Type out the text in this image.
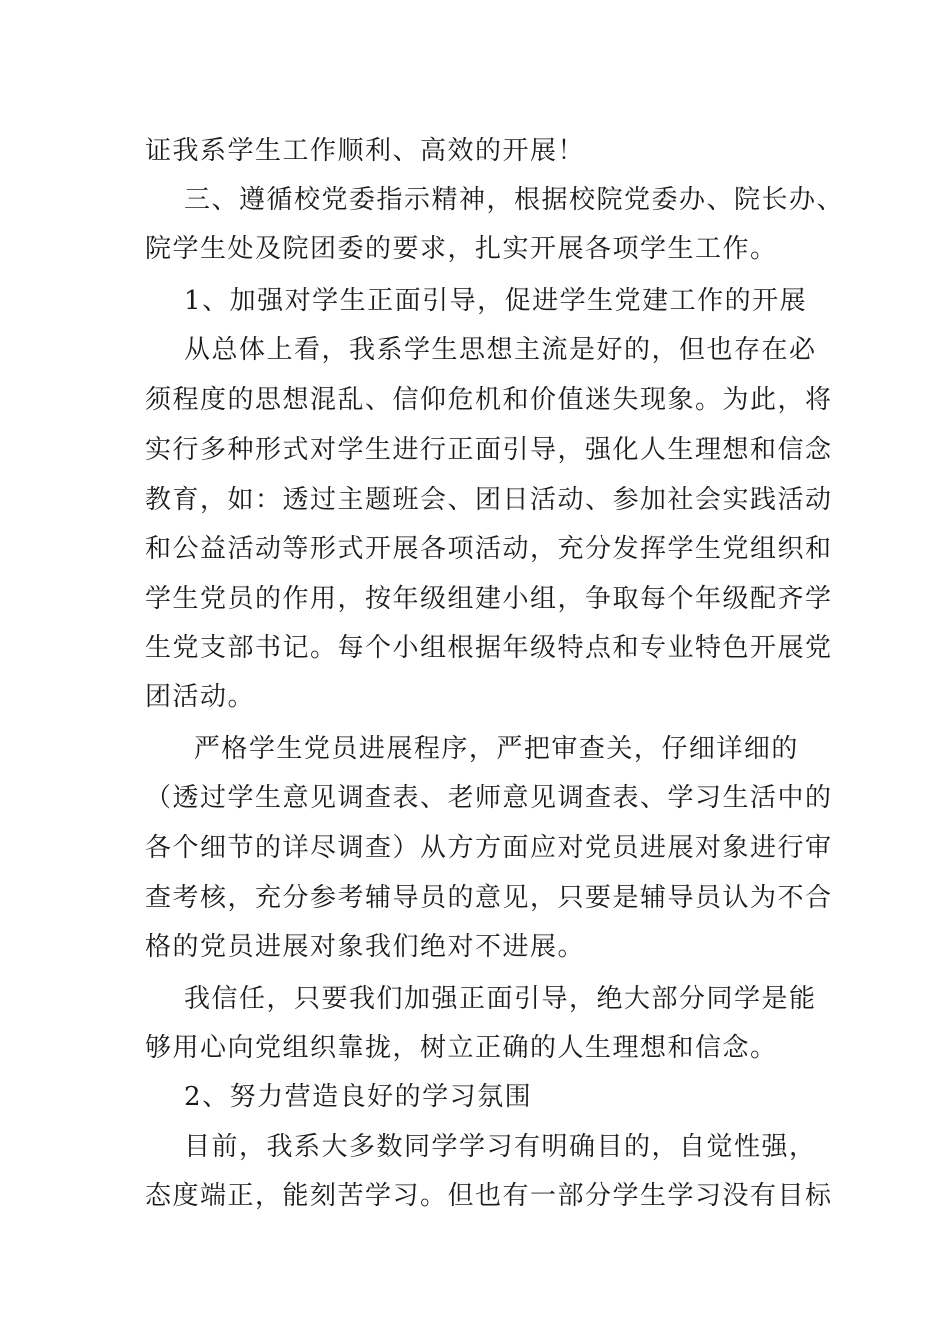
证我系学生工作顺利、高效的开展！
三、遵循校党委指示精神，根据校院党委办、院长办、
院学生处及院团委的要求，扎实开展各项学生工作。
1、加强对学生正面引导，促进学生党建工作的开展
从总体上看，我系学生思想主流是好的，但也存在必
须程度的思想混乱、信仰危机和价值迷失现象。为此，将
实行多种形式对学生进行正面引导，强化人生理想和信念
教育，如：透过主题班会、团日活动、参加社会实践活动
和公益活动等形式开展各项活动，充分发挥学生党组织和
学生党员的作用，按年级组建小组，争取每个年级配齐学
生党支部书记。每个小组根据年级特点和专业特色开展党
团活动。
严格学生党员进展程序，严把审查关，仔细详细的
（透过学生意见调查表、老师意见调查表、学习生活中的
各个细节的详尽调查）从方方面应对党员进展对象进行审
查考核，充分参考辅导员的意见，只要是辅导员认为不合
格的党员进展对象我们绝对不进展。
我信任，只要我们加强正面引导，绝大部分同学是能
够用心向党组织靠拢，树立正确的人生理想和信念。
2、努力营造良好的学习氛围
目前，我系大多数同学学习有明确目的，自觉性强，
态度端正，能刻苦学习。但也有一部分学生学习没有目标
